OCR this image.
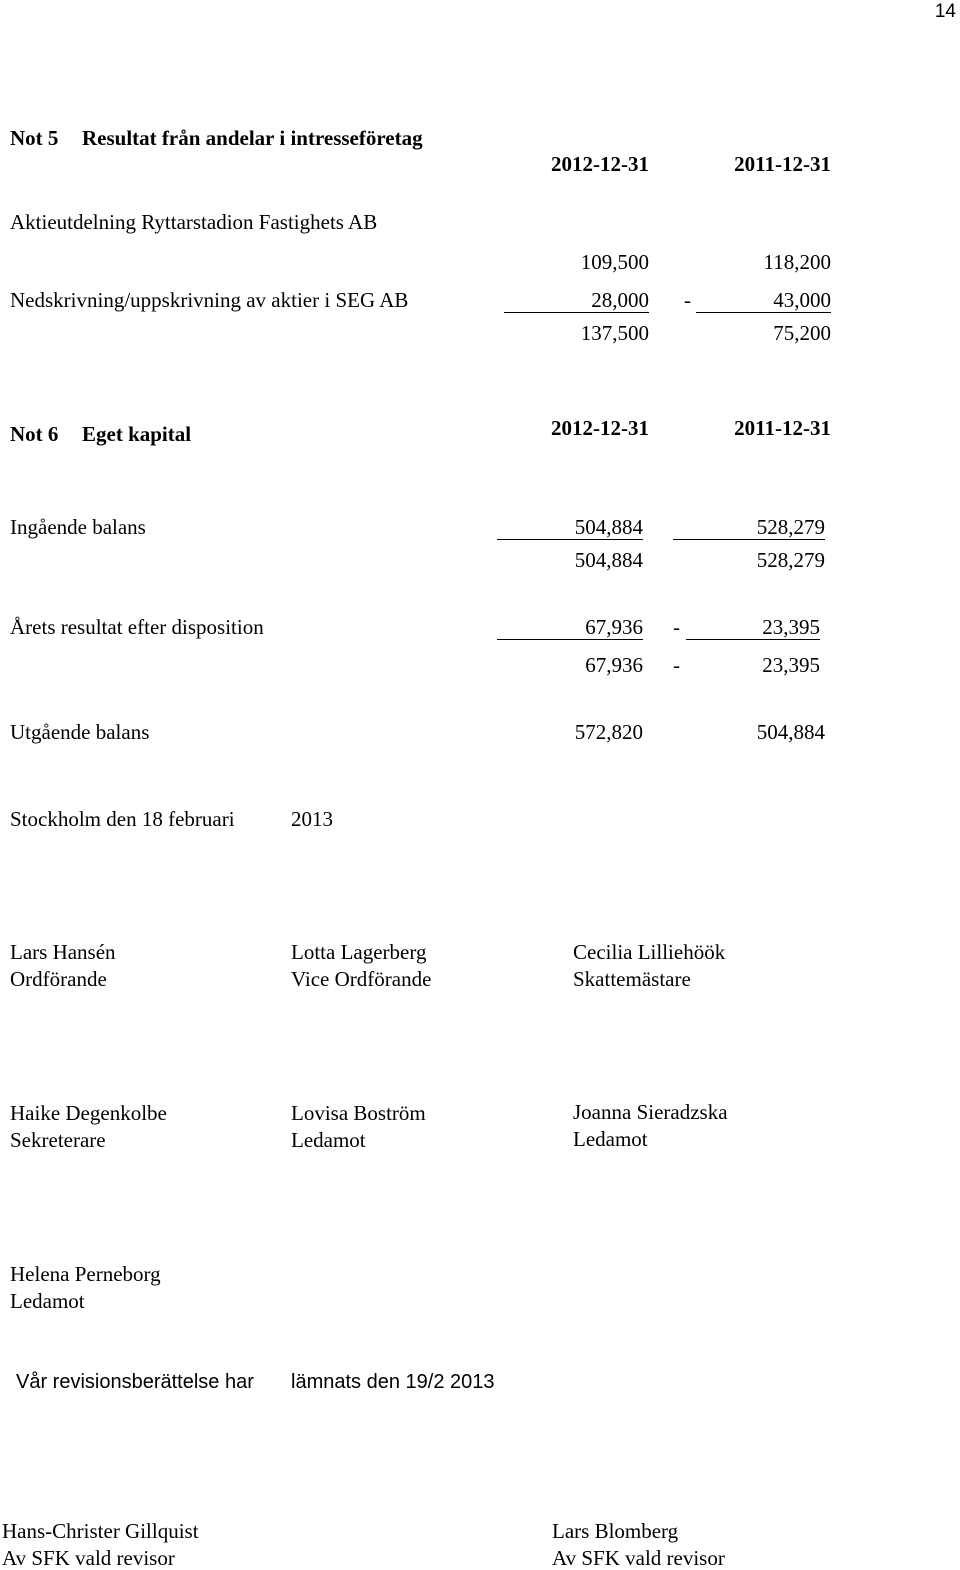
14
Not 5 Resultat från andelar i intresseföretag
2012-12-31	2011-12-31
Aktieutdelning Ryttarstadion Fastighets AB
109,500	118,200
Nedskrivning/uppskrivning av aktier i SEG AB	28,000 -	43,000
137,500	75,200
Not 6 Eget kapital	2012-12-31	2011-12-31
Ingående balans	504,884	528,279
504,884	528,279
Årets resultat efter disposition	67,936 -	23,395
67,936 -	23,395
Utgående balans	572,820	504,884
Stockholm den 18 februari	2013
Lars Hansén
Ordförande
Lotta Lagerberg
Vice Ordförande
Cecilia Lilliehöök
Skattemästare
Haike Degenkolbe
Sekreterare
Lovisa Boström
Ledamot
Joanna Sieradzska
Ledamot
Helena Perneborg
Ledamot
Vår revisionsberättelse har lämnats den 19/2 2013
Hans-Christer Gillquist
Av SFK vald revisor
Lars Blomberg
Av SFK vald revisor
